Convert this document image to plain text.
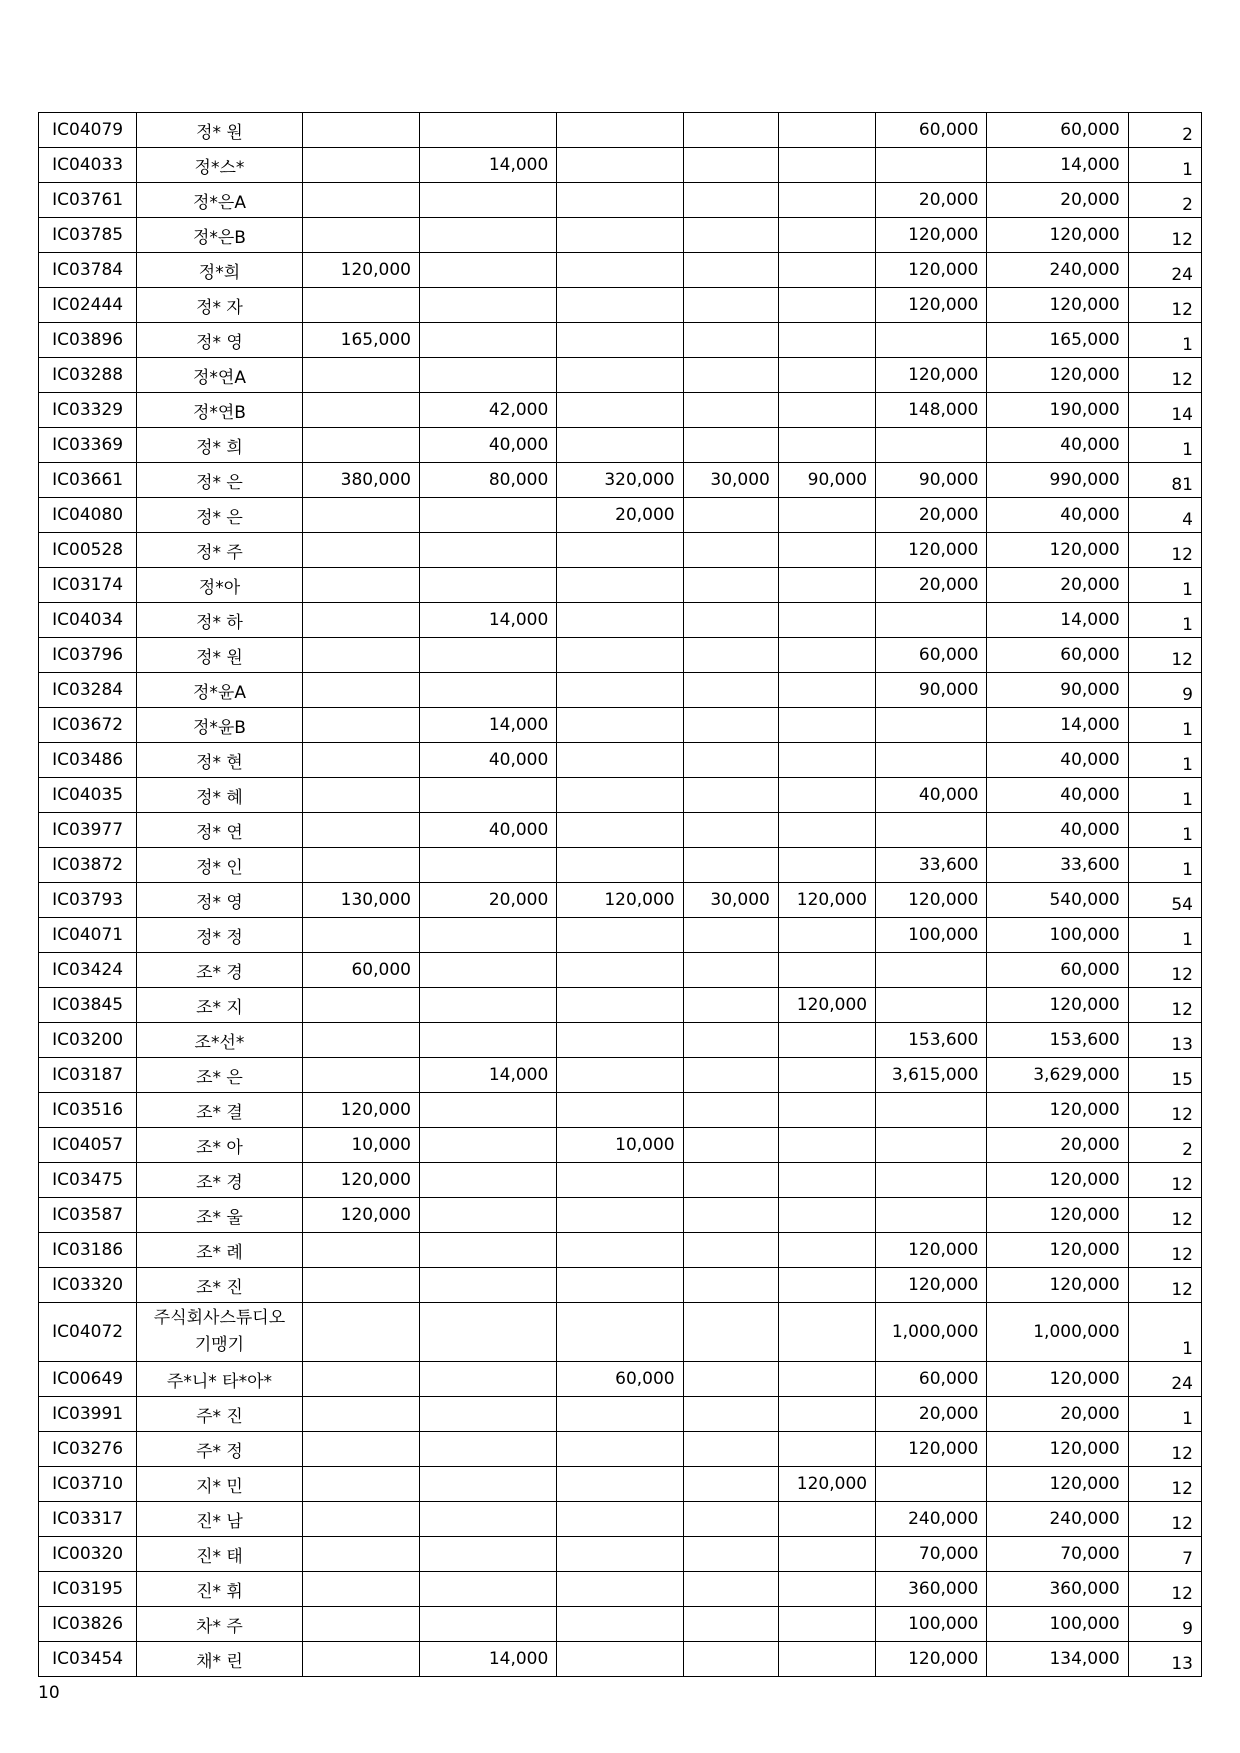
IC04079	정* 원						60,000	60,000	2
IC04033	정*스*		14,000					14,000	1
IC03761	정*은A						20,000	20,000	2
IC03785	정*은B						120,000	120,000	12
IC03784	정*희	120,000					120,000	240,000	24
IC02444	정* 자						120,000	120,000	12
IC03896	정* 영	165,000						165,000	1
IC03288	정*연A						120,000	120,000	12
IC03329	정*연B		42,000				148,000	190,000	14
IC03369	정* 희		40,000					40,000	1
IC03661	정* 은	380,000	80,000	320,000	30,000	90,000	90,000	990,000	81
IC04080	정* 은			20,000			20,000	40,000	4
IC00528	정* 주						120,000	120,000	12
IC03174	정*아						20,000	20,000	1
IC04034	정* 하		14,000					14,000	1
IC03796	정* 원						60,000	60,000	12
IC03284	정*윤A						90,000	90,000	9
IC03672	정*윤B		14,000					14,000	1
IC03486	정* 현		40,000					40,000	1
IC04035	정* 혜						40,000	40,000	1
IC03977	정* 연		40,000					40,000	1
IC03872	정* 인						33,600	33,600	1
IC03793	정* 영	130,000	20,000	120,000	30,000	120,000	120,000	540,000	54
IC04071	정* 정						100,000	100,000	1
IC03424	조* 경	60,000						60,000	12
IC03845	조* 지					120,000		120,000	12
IC03200	조*선*						153,600	153,600	13
IC03187	조* 은		14,000				3,615,000	3,629,000	15
IC03516	조* 결	120,000						120,000	12
IC04057	조* 아	10,000		10,000				20,000	2
IC03475	조* 경	120,000						120,000	12
IC03587	조* 울	120,000						120,000	12
IC03186	조* 례						120,000	120,000	12
IC03320	조* 진						120,000	120,000	12
IC04072	주식회사스튜디오 기맹기						1,000,000	1,000,000	1
IC00649	주*니* 타*아*			60,000			60,000	120,000	24
IC03991	주* 진						20,000	20,000	1
IC03276	주* 정						120,000	120,000	12
IC03710	지* 민					120,000		120,000	12
IC03317	진* 남						240,000	240,000	12
IC00320	진* 태						70,000	70,000	7
IC03195	진* 휘						360,000	360,000	12
IC03826	차* 주						100,000	100,000	9
IC03454	채* 린		14,000				120,000	134,000	13
10
